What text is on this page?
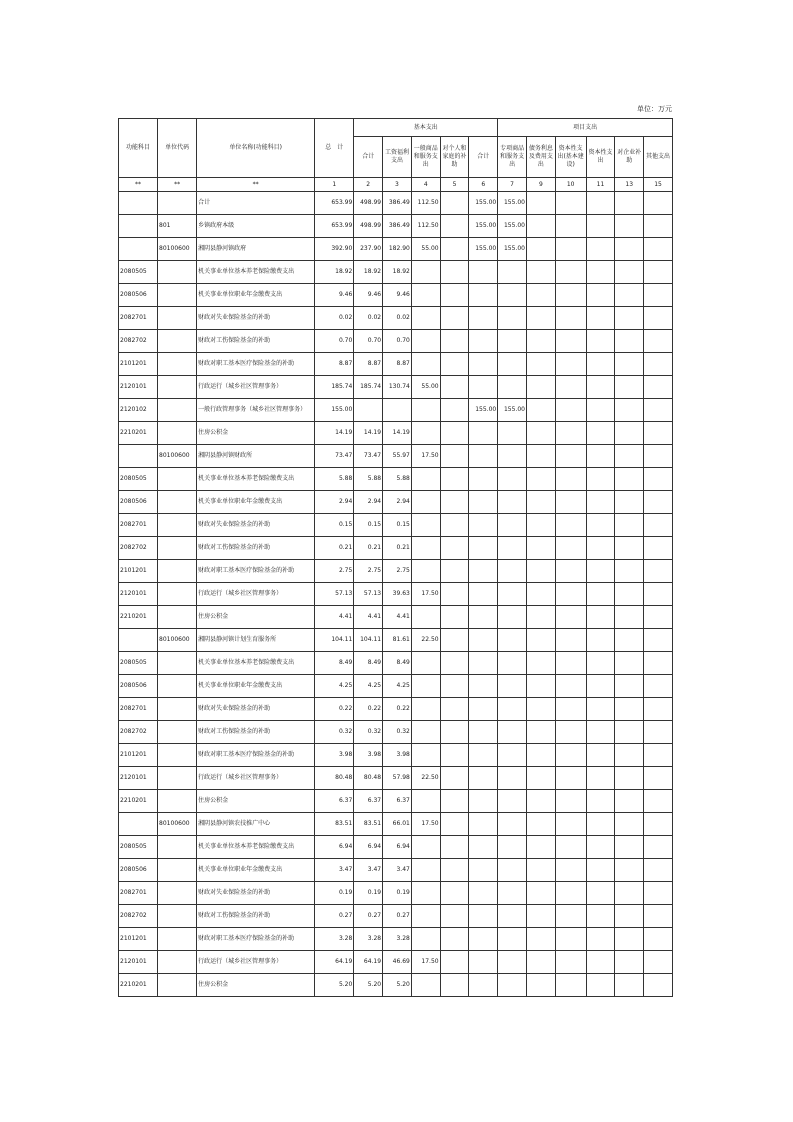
单位：万元
功能科目	单位代码	单位名称(功能科目)	总　计	基本支出					项目支出					
				合计	工资福利支出	一般商品和服务支出	对个人和家庭的补助	合计	专项商品和服务支出	债务利息及费用支出	资本性支出(基本建设)	资本性支出	对企业补助	其他支出
**	**	**	1	2	3	4	5	6	7	9	10	11	13	15
		合计	653.99	498.99	386.49	112.50		155.00	155.00					
	801	乡镇政府本级	653.99	498.99	386.49	112.50		155.00	155.00					
	80100600	湘阴县静河镇政府	392.90	237.90	182.90	55.00		155.00	155.00					
2080505		机关事业单位基本养老保险缴费支出	18.92	18.92	18.92									
2080506		机关事业单位职业年金缴费支出	9.46	9.46	9.46									
2082701		财政对失业保险基金的补助	0.02	0.02	0.02									
2082702		财政对工伤保险基金的补助	0.70	0.70	0.70									
2101201		财政对职工基本医疗保险基金的补助	8.87	8.87	8.87									
2120101		行政运行（城乡社区管理事务）	185.74	185.74	130.74	55.00								
2120102		一般行政管理事务（城乡社区管理事务）	155.00					155.00	155.00					
2210201		住房公积金	14.19	14.19	14.19									
	80100600	湘阴县静河镇财政所	73.47	73.47	55.97	17.50								
2080505		机关事业单位基本养老保险缴费支出	5.88	5.88	5.88									
2080506		机关事业单位职业年金缴费支出	2.94	2.94	2.94									
2082701		财政对失业保险基金的补助	0.15	0.15	0.15									
2082702		财政对工伤保险基金的补助	0.21	0.21	0.21									
2101201		财政对职工基本医疗保险基金的补助	2.75	2.75	2.75									
2120101		行政运行（城乡社区管理事务）	57.13	57.13	39.63	17.50								
2210201		住房公积金	4.41	4.41	4.41									
	80100600	湘阴县静河镇计划生育服务所	104.11	104.11	81.61	22.50								
2080505		机关事业单位基本养老保险缴费支出	8.49	8.49	8.49									
2080506		机关事业单位职业年金缴费支出	4.25	4.25	4.25									
2082701		财政对失业保险基金的补助	0.22	0.22	0.22									
2082702		财政对工伤保险基金的补助	0.32	0.32	0.32									
2101201		财政对职工基本医疗保险基金的补助	3.98	3.98	3.98									
2120101		行政运行（城乡社区管理事务）	80.48	80.48	57.98	22.50								
2210201		住房公积金	6.37	6.37	6.37									
	80100600	湘阴县静河镇农技推广中心	83.51	83.51	66.01	17.50								
2080505		机关事业单位基本养老保险缴费支出	6.94	6.94	6.94									
2080506		机关事业单位职业年金缴费支出	3.47	3.47	3.47									
2082701		财政对失业保险基金的补助	0.19	0.19	0.19									
2082702		财政对工伤保险基金的补助	0.27	0.27	0.27									
2101201		财政对职工基本医疗保险基金的补助	3.28	3.28	3.28									
2120101		行政运行（城乡社区管理事务）	64.19	64.19	46.69	17.50								
2210201		住房公积金	5.20	5.20	5.20									
